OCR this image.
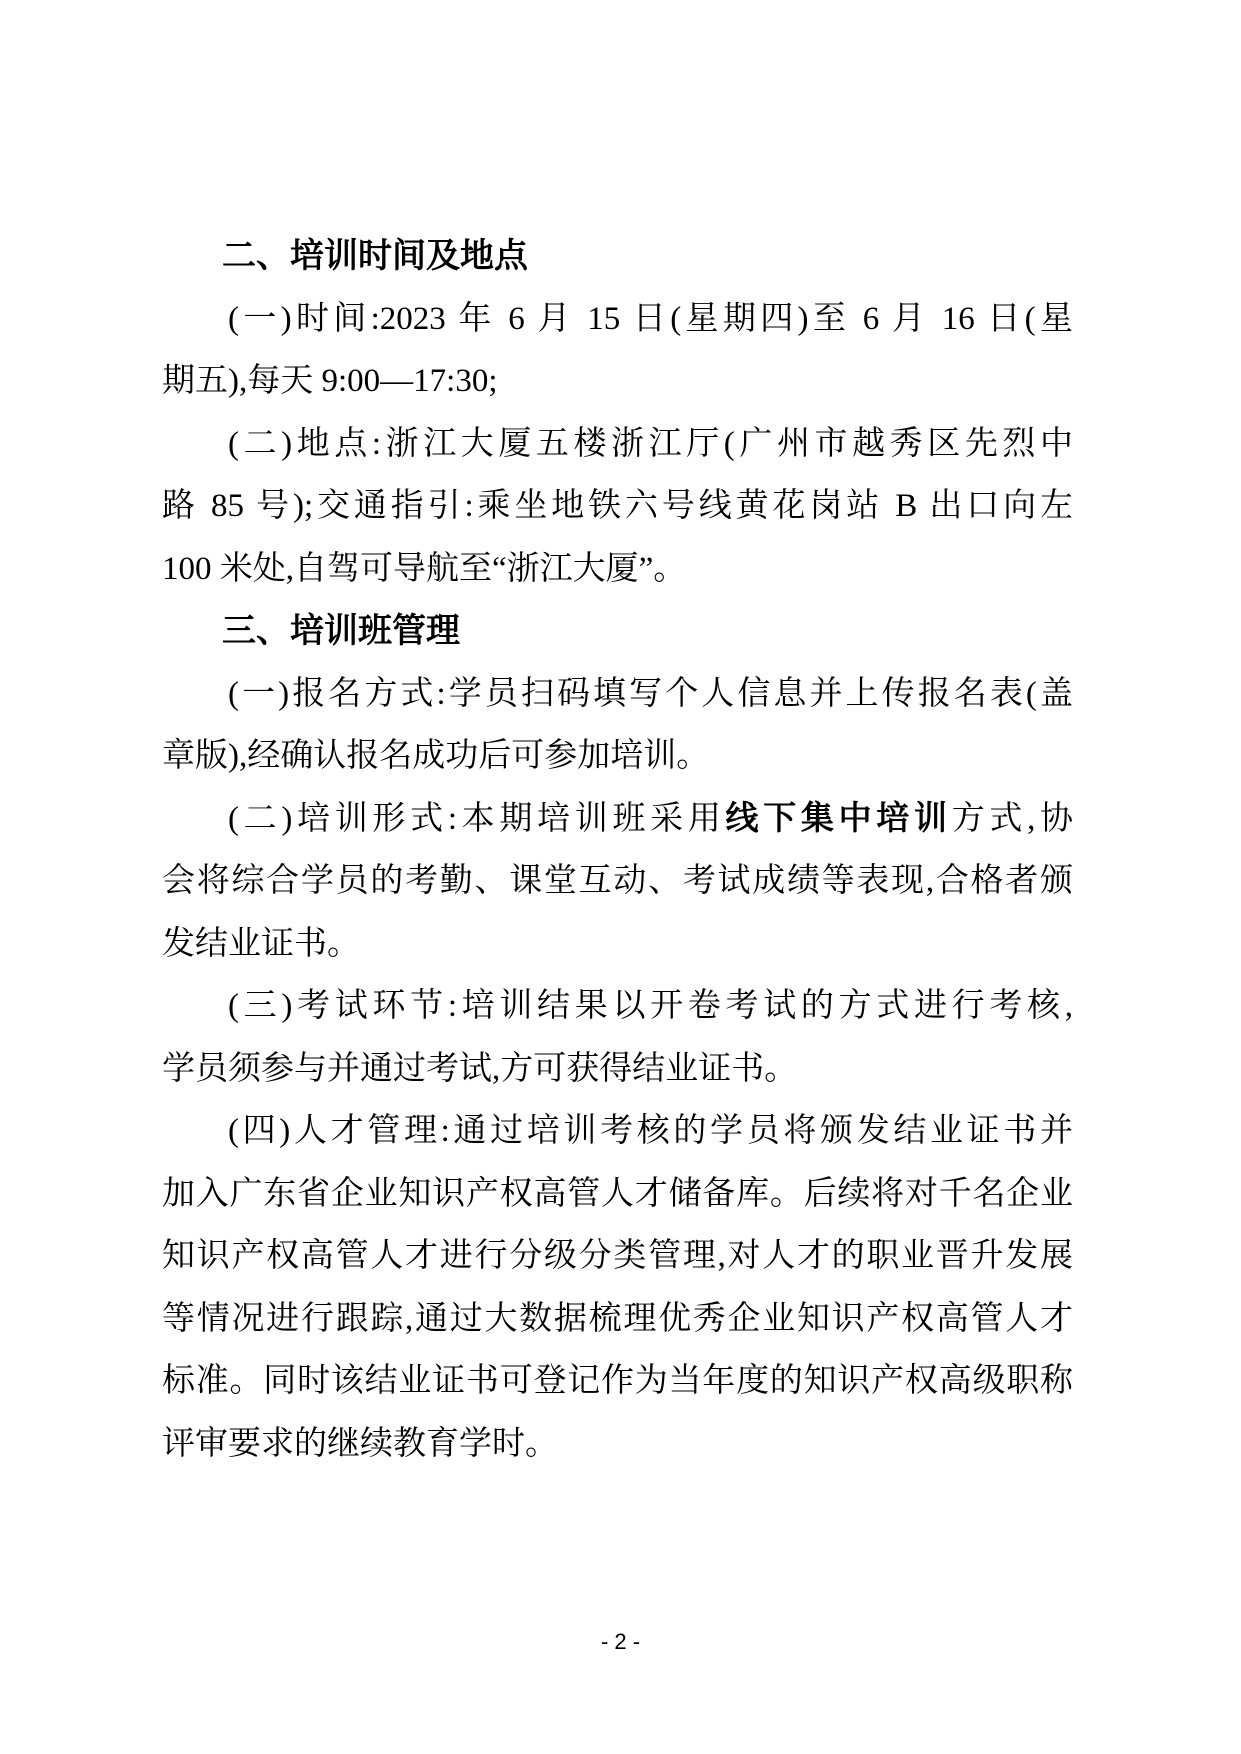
二、培训时间及地点
(一)时间:2023 年 6 月 15 日(星期四)至 6 月 16 日(星
期五),每天 9:00—17:30;
(二)地点:浙江大厦五楼浙江厅(广州市越秀区先烈中
路 85 号);交通指引:乘坐地铁六号线黄花岗站 B 出口向左
100 米处,自驾可导航至“浙江大厦”。
三、培训班管理
(一)报名方式:学员扫码填写个人信息并上传报名表(盖
章版),经确认报名成功后可参加培训。
(二)培训形式:本期培训班采用线下集中培训方式,协
会将综合学员的考勤、课堂互动、考试成绩等表现,合格者颁
发结业证书。
(三)考试环节:培训结果以开卷考试的方式进行考核,
学员须参与并通过考试,方可获得结业证书。
(四)人才管理:通过培训考核的学员将颁发结业证书并
加入广东省企业知识产权高管人才储备库。后续将对千名企业
知识产权高管人才进行分级分类管理,对人才的职业晋升发展
等情况进行跟踪,通过大数据梳理优秀企业知识产权高管人才
标准。同时该结业证书可登记作为当年度的知识产权高级职称
评审要求的继续教育学时。
- 2 -
